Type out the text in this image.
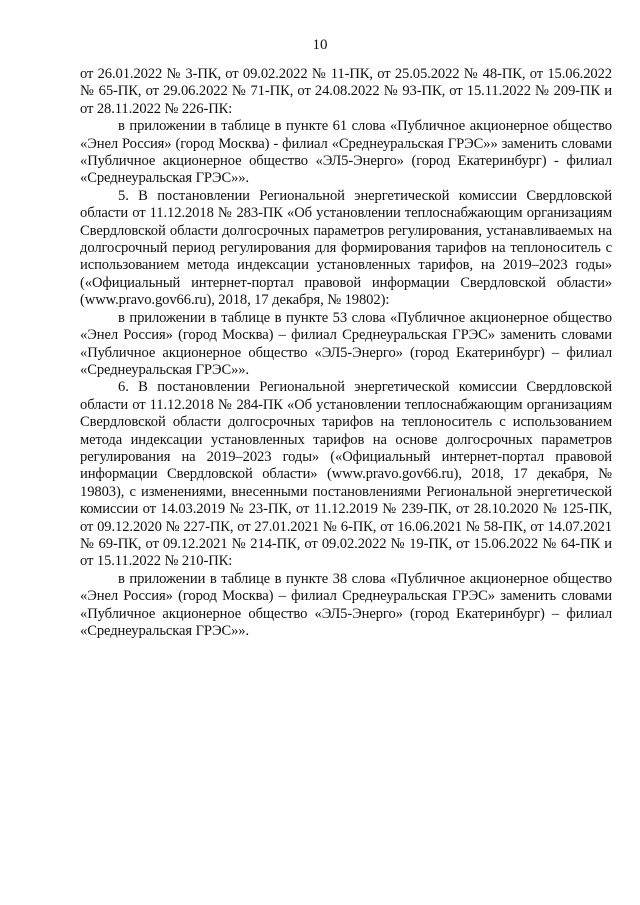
10

от 26.01.2022 № 3-ПК, от 09.02.2022 № 11-ПК, от 25.05.2022 № 48-ПК, от 15.06.2022 № 65-ПК, от 29.06.2022 № 71-ПК, от 24.08.2022 № 93-ПК, от 15.11.2022 № 209-ПК и от 28.11.2022 № 226-ПК:

в приложении в таблице в пункте 61 слова «Публичное акционерное общество «Энел Россия» (город Москва) - филиал «Среднеуральская ГРЭС»» заменить словами «Публичное акционерное общество «ЭЛ5-Энерго» (город Екатеринбург) - филиал «Среднеуральская ГРЭС»».

5. В постановлении Региональной энергетической комиссии Свердловской области от 11.12.2018 № 283-ПК «Об установлении теплоснабжающим организациям Свердловской области долгосрочных параметров регулирования, устанавливаемых на долгосрочный период регулирования для формирования тарифов на теплоноситель с использованием метода индексации установленных тарифов, на 2019–2023 годы» («Официальный интернет-портал правовой информации Свердловской области» (www.pravo.gov66.ru), 2018, 17 декабря, № 19802):

в приложении в таблице в пункте 53 слова «Публичное акционерное общество «Энел Россия» (город Москва) – филиал Среднеуральская ГРЭС» заменить словами «Публичное акционерное общество «ЭЛ5-Энерго» (город Екатеринбург) – филиал «Среднеуральская ГРЭС»».

6. В постановлении Региональной энергетической комиссии Свердловской области от 11.12.2018 № 284-ПК «Об установлении теплоснабжающим организациям Свердловской области долгосрочных тарифов на теплоноситель с использованием метода индексации установленных тарифов на основе долгосрочных параметров регулирования на 2019–2023 годы» («Официальный интернет-портал правовой информации Свердловской области» (www.pravo.gov66.ru), 2018, 17 декабря, № 19803), с изменениями, внесенными постановлениями Региональной энергетической комиссии от 14.03.2019 № 23-ПК, от 11.12.2019 № 239-ПК, от 28.10.2020 № 125-ПК, от 09.12.2020 № 227-ПК, от 27.01.2021 № 6-ПК, от 16.06.2021 № 58-ПК, от 14.07.2021 № 69-ПК, от 09.12.2021 № 214-ПК, от 09.02.2022 № 19-ПК, от 15.06.2022 № 64-ПК и от 15.11.2022 № 210-ПК:

в приложении в таблице в пункте 38 слова «Публичное акционерное общество «Энел Россия» (город Москва) – филиал Среднеуральская ГРЭС» заменить словами «Публичное акционерное общество «ЭЛ5-Энерго» (город Екатеринбург) – филиал «Среднеуральская ГРЭС»».
